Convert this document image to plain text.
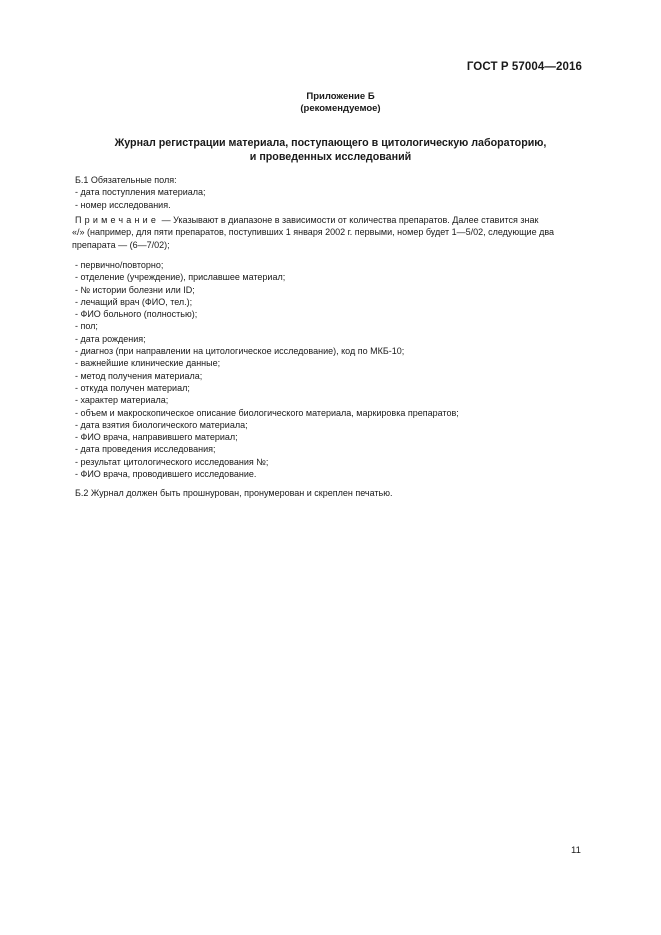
ГОСТ Р 57004—2016
Приложение Б
(рекомендуемое)
Журнал регистрации материала, поступающего в цитологическую лабораторию,
и проведенных исследований
Б.1 Обязательные поля:
- дата поступления материала;
- номер исследования.
Примечание — Указывают в диапазоне в зависимости от количества препаратов. Далее ставится знак
«/» (например, для пяти препаратов, поступивших 1 января 2002 г. первыми, номер будет 1—5/02, следующие два
препарата — (6—7/02);
- первично/повторно;
- отделение (учреждение), приславшее материал;
- № истории болезни или ID;
- лечащий врач (ФИО, тел.);
- ФИО больного (полностью);
- пол;
- дата рождения;
- диагноз (при направлении на цитологическое исследование), код по МКБ-10;
- важнейшие клинические данные;
- метод получения материала;
- откуда получен материал;
- характер материала;
- объем и макроскопическое описание биологического материала, маркировка препаратов;
- дата взятия биологического материала;
- ФИО врача, направившего материал;
- дата проведения исследования;
- результат цитологического исследования №;
- ФИО врача, проводившего исследование.
Б.2 Журнал должен быть прошнурован, пронумерован и скреплен печатью.
11
